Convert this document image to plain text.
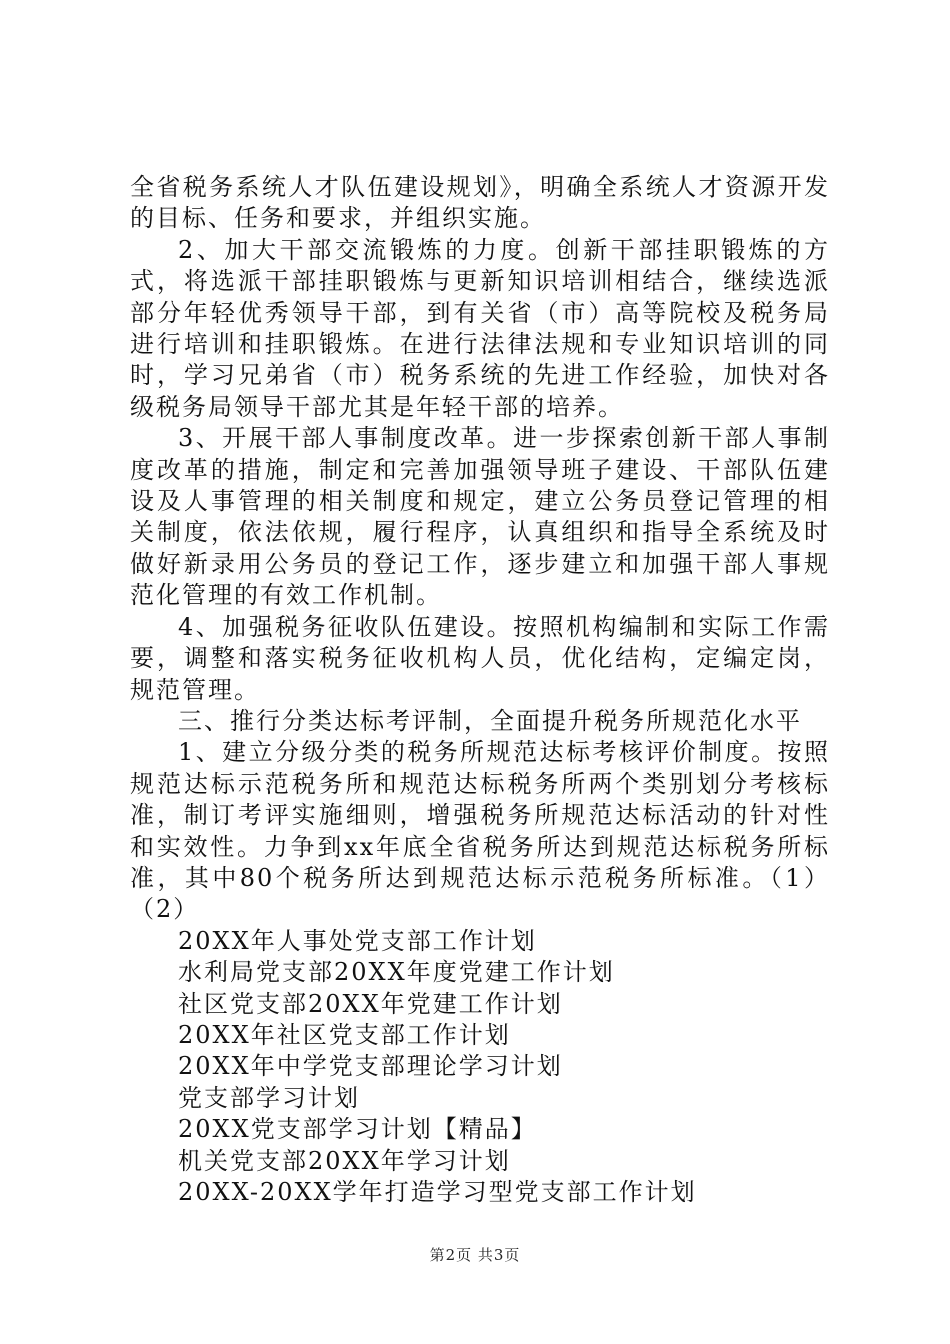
全省税务系统人才队伍建设规划》，明确全系统人才资源开发的目标、任务和要求，并组织实施。

2、加大干部交流锻炼的力度。创新干部挂职锻炼的方式，将选派干部挂职锻炼与更新知识培训相结合，继续选派部分年轻优秀领导干部，到有关省（市）高等院校及税务局进行培训和挂职锻炼。在进行法律法规和专业知识培训的同时，学习兄弟省（市）税务系统的先进工作经验，加快对各级税务局领导干部尤其是年轻干部的培养。

3、开展干部人事制度改革。进一步探索创新干部人事制度改革的措施，制定和完善加强领导班子建设、干部队伍建设及人事管理的相关制度和规定，建立公务员登记管理的相关制度，依法依规，履行程序，认真组织和指导全系统及时做好新录用公务员的登记工作，逐步建立和加强干部人事规范化管理的有效工作机制。

4、加强税务征收队伍建设。按照机构编制和实际工作需要，调整和落实税务征收机构人员，优化结构，定编定岗，规范管理。

三、推行分类达标考评制，全面提升税务所规范化水平

1、建立分级分类的税务所规范达标考核评价制度。按照规范达标示范税务所和规范达标税务所两个类别划分考核标准，制订考评实施细则，增强税务所规范达标活动的针对性和实效性。力争到xx年底全省税务所达到规范达标税务所标准，其中80个税务所达到规范达标示范税务所标准。（1）（2）

20XX年人事处党支部工作计划
水利局党支部20XX年度党建工作计划
社区党支部20XX年党建工作计划
20XX年社区党支部工作计划
20XX年中学党支部理论学习计划
党支部学习计划
20XX党支部学习计划【精品】
机关党支部20XX年学习计划
20XX-20XX学年打造学习型党支部工作计划
第2页 共3页
